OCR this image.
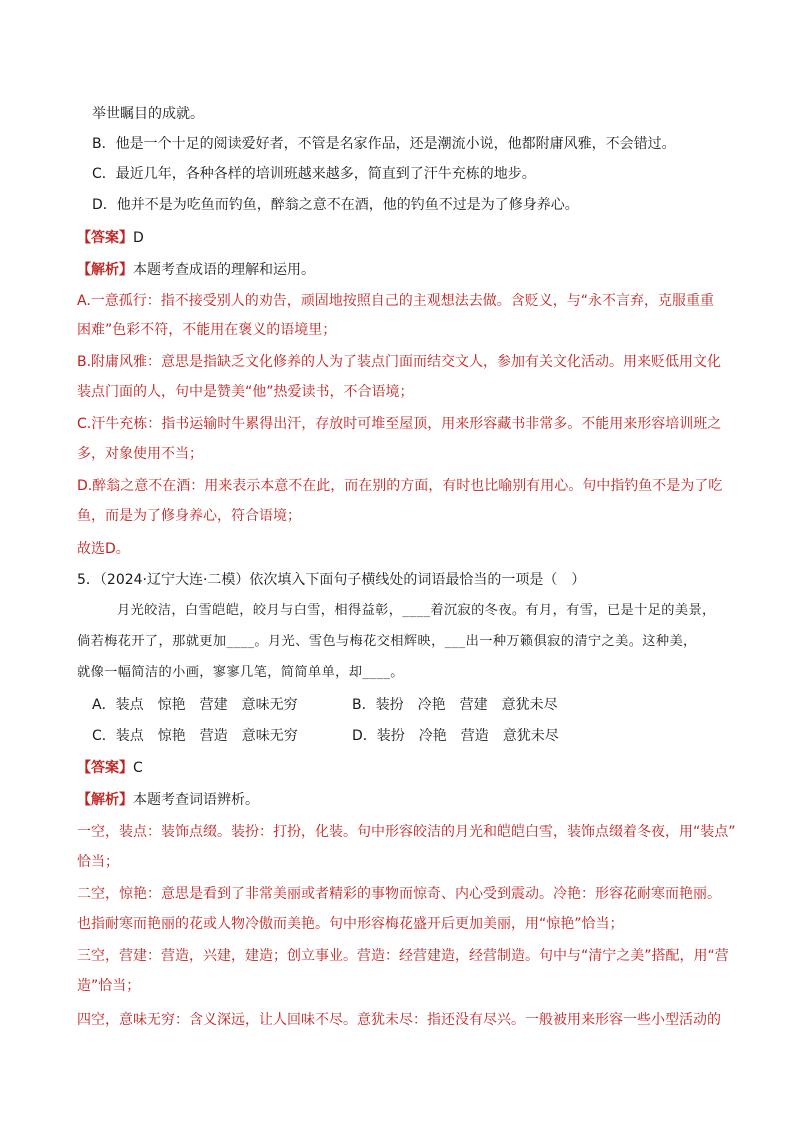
举世瞩目的成就。
B．他是一个十足的阅读爱好者，不管是名家作品，还是潮流小说，他都附庸风雅，不会错过。
C．最近几年，各种各样的培训班越来越多，简直到了汗牛充栋的地步。
D．他并不是为吃鱼而钓鱼，醉翁之意不在酒，他的钓鱼不过是为了修身养心。
【答案】D
【解析】本题考查成语的理解和运用。
A.一意孤行：指不接受别人的劝告，顽固地按照自己的主观想法去做。含贬义，与“永不言弃，克服重重
困难”色彩不符，不能用在褒义的语境里；
B.附庸风雅：意思是指缺乏文化修养的人为了装点门面而结交文人，参加有关文化活动。用来贬低用文化
装点门面的人，句中是赞美“他”热爱读书，不合语境；
C.汗牛充栋：指书运输时牛累得出汗，存放时可堆至屋顶，用来形容藏书非常多。不能用来形容培训班之
多，对象使用不当；
D.醉翁之意不在酒：用来表示本意不在此，而在别的方面，有时也比喻别有用心。句中指钓鱼不是为了吃
鱼，而是为了修身养心，符合语境；
故选D。
5．（2024·辽宁大连·二模）依次填入下面句子横线处的词语最恰当的一项是（　）
月光皎洁，白雪皑皑，皎月与白雪，相得益彰，____着沉寂的冬夜。有月，有雪，已是十足的美景，
倘若梅花开了，那就更加____。月光、雪色与梅花交相辉映，___出一种万籁俱寂的清宁之美。这种美，
就像一幅简洁的小画，寥寥几笔，简简单单，却____。
A．装点　惊艳　营建　意味无穷	B．装扮　冷艳　营建　意犹未尽
C．装点　惊艳　营造　意味无穷	D．装扮　冷艳　营造　意犹未尽
【答案】C
【解析】本题考查词语辨析。
一空，装点：装饰点缀。装扮：打扮，化装。句中形容皎洁的月光和皑皑白雪，装饰点缀着冬夜，用“装点”
恰当；
二空，惊艳：意思是看到了非常美丽或者精彩的事物而惊奇、内心受到震动。冷艳：形容花耐寒而艳丽。
也指耐寒而艳丽的花或人物冷傲而美艳。句中形容梅花盛开后更加美丽，用“惊艳”恰当；
三空，营建：营造，兴建，建造；创立事业。营造：经营建造，经营制造。句中与“清宁之美”搭配，用“营
造”恰当；
四空，意味无穷：含义深远，让人回味不尽。意犹未尽：指还没有尽兴。一般被用来形容一些小型活动的
